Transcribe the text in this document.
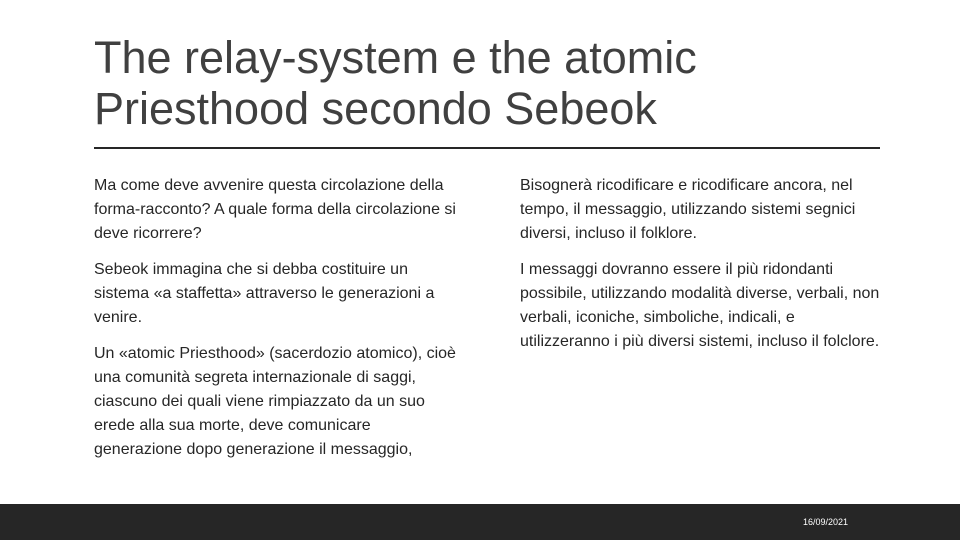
The relay-system e the atomic
Priesthood secondo Sebeok

Ma come deve avvenire questa circolazione della forma-racconto? A quale forma della circolazione si deve ricorrere?

Sebeok immagina che si debba costituire un sistema «a staffetta» attraverso le generazioni a venire.

Un «atomic Priesthood» (sacerdozio atomico), cioè una comunità segreta internazionale di saggi, ciascuno dei quali viene rimpiazzato da un suo erede alla sua morte, deve comunicare generazione dopo generazione il messaggio,

Bisognerà ricodificare e ricodificare ancora, nel tempo, il messaggio, utilizzando sistemi segnici diversi, incluso il folklore.

I messaggi dovranno essere il più ridondanti possibile, utilizzando modalità diverse, verbali, non verbali, iconiche, simboliche, indicali, e utilizzeranno i più diversi sistemi, incluso il folclore.

16/09/2021
